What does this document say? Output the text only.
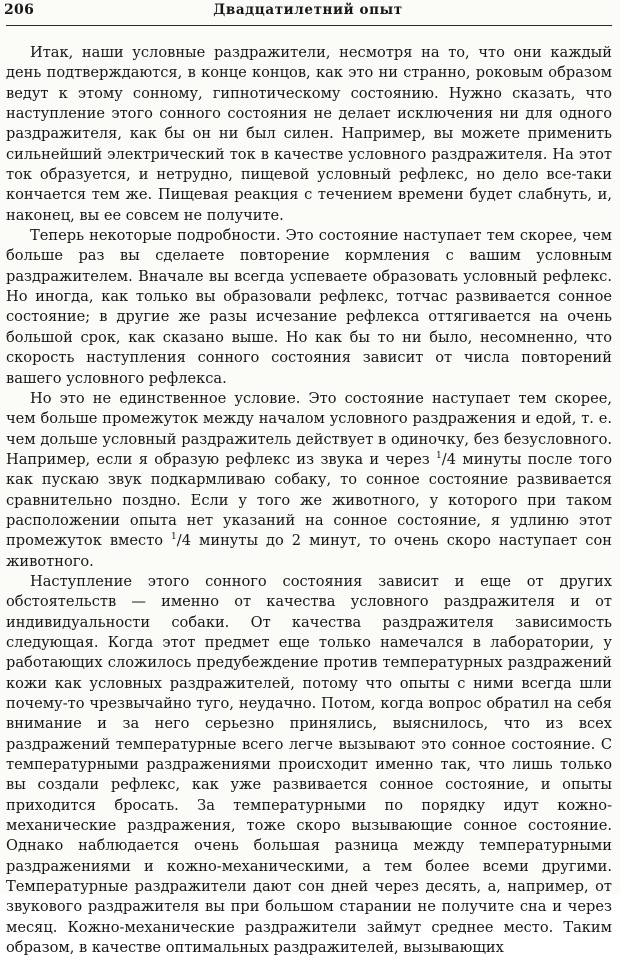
206	Двадцатилетний опыт

Итак, наши условные раздражители, несмотря на то, что они каждый день подтверждаются, в конце концов, как это ни странно, роковым образом ведут к этому сонному, гипнотическому состоянию. Нужно сказать, что наступление этого сонного состояния не делает исключения ни для одного раздражителя, как бы он ни был силен. Например, вы можете применить сильнейший электрический ток в качестве условного раздражителя. На этот ток образуется, и нетрудно, пищевой условный рефлекс, но дело все-таки кончается тем же. Пищевая реакция с течением времени будет слабнуть, и, наконец, вы ее совсем не получите.

Теперь некоторые подробности. Это состояние наступает тем скорее, чем больше раз вы сделаете повторение кормления с вашим условным раздражителем. Вначале вы всегда успеваете образовать условный рефлекс. Но иногда, как только вы образовали рефлекс, тотчас развивается сонное состояние; в другие же разы исчезание рефлекса оттягивается на очень большой срок, как сказано выше. Но как бы то ни было, несомненно, что скорость наступления сонного состояния зависит от числа повторений вашего условного рефлекса.

Но это не единственное условие. Это состояние наступает тем скорее, чем больше промежуток между началом условного раздражения и едой, т. е. чем дольше условный раздражитель действует в одиночку, без безусловного. Например, если я образую рефлекс из звука и через $^1$/4 минуты после того как пускаю звук подкармливаю собаку, то сонное состояние развивается сравнительно поздно. Если у того же животного, у которого при таком расположении опыта нет указаний на сонное состояние, я удлиню этот промежуток вместо $^1$/4 минуты до 2 минут, то очень скоро наступает сон животного.

Наступление этого сонного состояния зависит и еще от других обстоятельств — именно от качества условного раздражителя и от индивидуальности собаки. От качества раздражителя зависимость следующая. Когда этот предмет еще только намечался в лаборатории, у работающих сложилось предубеждение против температурных раздражений кожи как условных раздражителей, потому что опыты с ними всегда шли почему-то чрезвычайно туго, неудачно. Потом, когда вопрос обратил на себя внимание и за него серьезно принялись, выяснилось, что из всех раздражений температурные всего легче вызывают это сонное состояние. С температурными раздражениями происходит именно так, что лишь только вы создали рефлекс, как уже развивается сонное состояние, и опыты приходится бросать. За температурными по порядку идут кожно-механические раздражения, тоже скоро вызывающие сонное состояние. Однако наблюдается очень большая разница между температурными раздражениями и кожно-механическими, а тем более всеми другими. Температурные раздражители дают сон дней через десять, а, например, от звукового раздражителя вы при большом старании не получите сна и через месяц. Кожно-механические раздражители займут среднее место. Таким образом, в качестве оптимальных раздражителей, вызывающих
